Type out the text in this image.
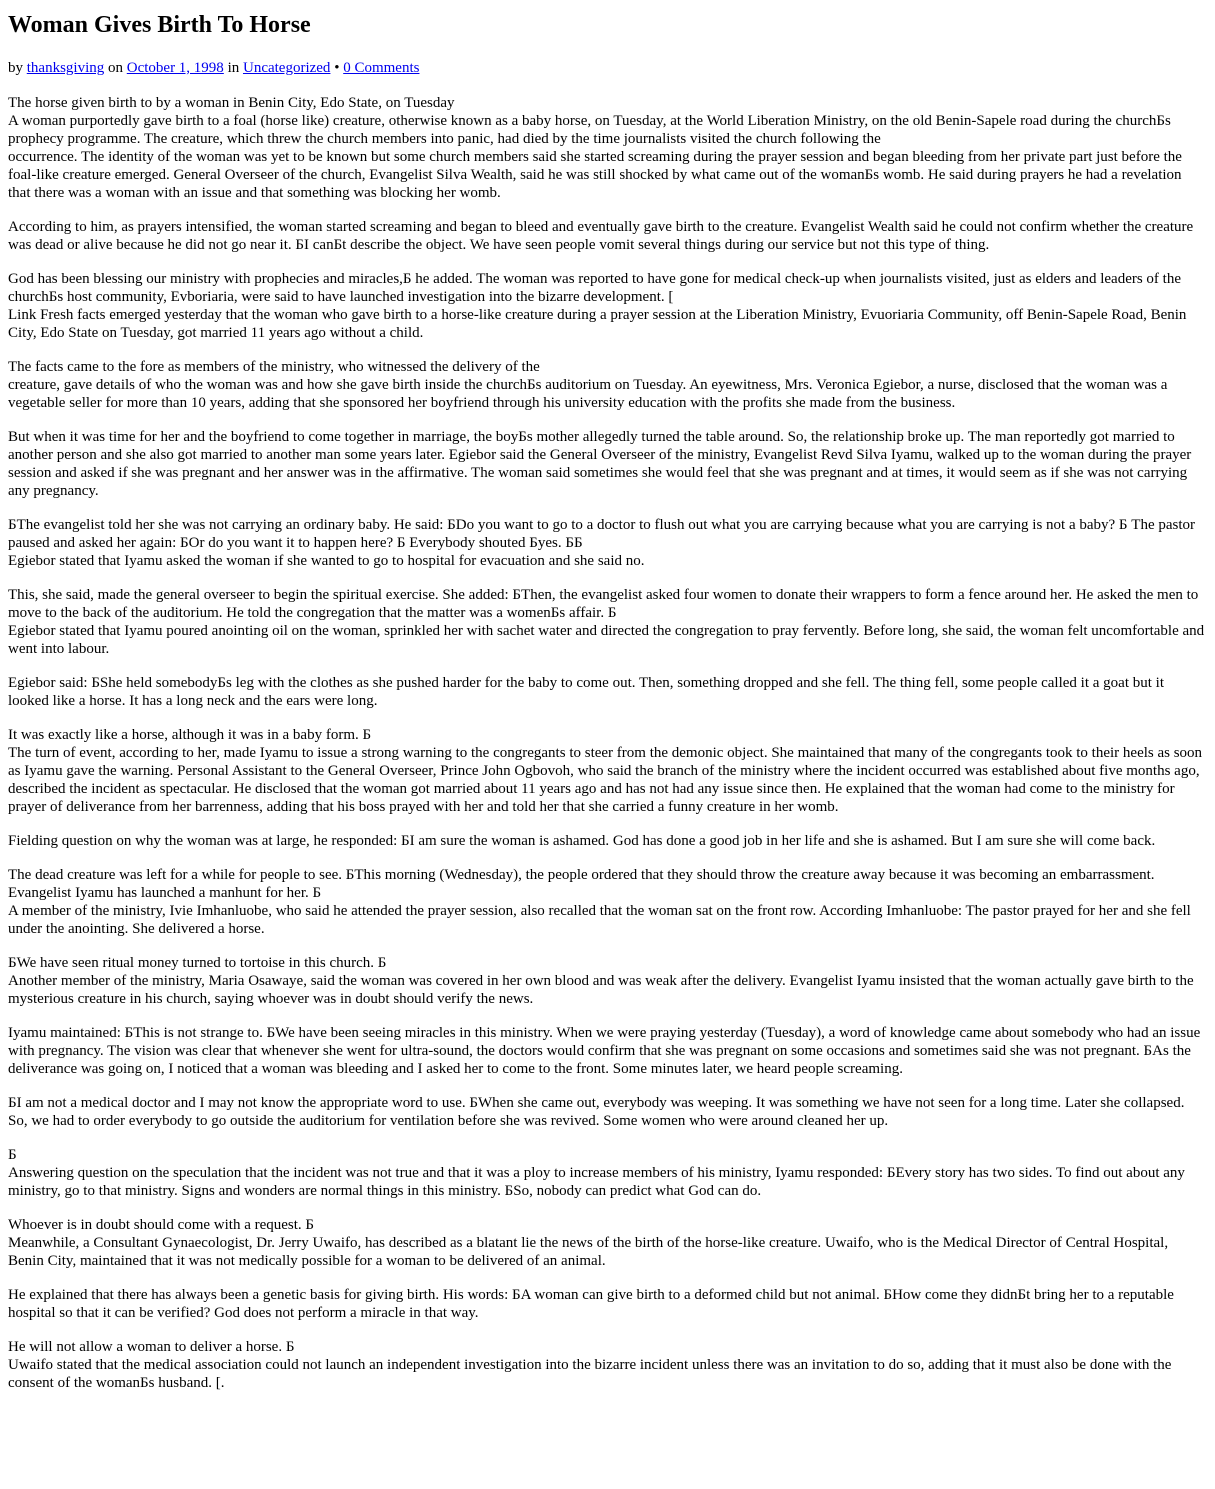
Woman Gives Birth To Horse
by thanksgiving on October 1, 1998 in Uncategorized • 0 Comments

The horse given birth to by a woman in Benin City, Edo State, on Tuesday
A woman purportedly gave birth to a foal (horse like) creature, otherwise known as a baby horse, on Tuesday, at the World Liberation Ministry, on the old Benin-Sapele road during the churchБs prophecy programme. The creature, which threw the church members into panic, had died by the time journalists visited the church following the
occurrence. The identity of the woman was yet to be known but some church members said she started screaming during the prayer session and began bleeding from her private part just before the foal-like creature emerged. General Overseer of the church, Evangelist Silva Wealth, said he was still shocked by what came out of the womanБs womb. He said during prayers he had a revelation that there was a woman with an issue and that something was blocking her womb.

According to him, as prayers intensified, the woman started screaming and began to bleed and eventually gave birth to the creature. Evangelist Wealth said he could not confirm whether the creature was dead or alive because he did not go near it. БI canБt describe the object. We have seen people vomit several things during our service but not this type of thing.

God has been blessing our ministry with prophecies and miracles,Б he added. The woman was reported to have gone for medical check-up when journalists visited, just as elders and leaders of the churchБs host community, Evboriaria, were said to have launched investigation into the bizarre development. [
Link Fresh facts emerged yesterday that the woman who gave birth to a horse-like creature during a prayer session at the Liberation Ministry, Evuoriaria Community, off Benin-Sapele Road, Benin City, Edo State on Tuesday, got married 11 years ago without a child.

The facts came to the fore as members of the ministry, who witnessed the delivery of the
creature, gave details of who the woman was and how she gave birth inside the churchБs auditorium on Tuesday. An eyewitness, Mrs. Veronica Egiebor, a nurse, disclosed that the woman was a vegetable seller for more than 10 years, adding that she sponsored her boyfriend through his university education with the profits she made from the business.

But when it was time for her and the boyfriend to come together in marriage, the boyБs mother allegedly turned the table around. So, the relationship broke up. The man reportedly got married to another person and she also got married to another man some years later. Egiebor said the General Overseer of the ministry, Evangelist Revd Silva Iyamu, walked up to the woman during the prayer session and asked if she was pregnant and her answer was in the affirmative. The woman said sometimes she would feel that she was pregnant and at times, it would seem as if she was not carrying any pregnancy.

БThe evangelist told her she was not carrying an ordinary baby. He said: БDo you want to go to a doctor to flush out what you are carrying because what you are carrying is not a baby? Б The pastor paused and asked her again: БOr do you want it to happen here? Б Everybody shouted Бyes. ББ
Egiebor stated that Iyamu asked the woman if she wanted to go to hospital for evacuation and she said no.

This, she said, made the general overseer to begin the spiritual exercise. She added: БThen, the evangelist asked four women to donate their wrappers to form a fence around her. He asked the men to move to the back of the auditorium. He told the congregation that the matter was a womenБs affair. Б
Egiebor stated that Iyamu poured anointing oil on the woman, sprinkled her with sachet water and directed the congregation to pray fervently. Before long, she said, the woman felt uncomfortable and went into labour.

Egiebor said: БShe held somebodyБs leg with the clothes as she pushed harder for the baby to come out. Then, something dropped and she fell. The thing fell, some people called it a goat but it looked like a horse. It has a long neck and the ears were long.

It was exactly like a horse, although it was in a baby form. Б
The turn of event, according to her, made Iyamu to issue a strong warning to the congregants to steer from the demonic object. She maintained that many of the congregants took to their heels as soon as Iyamu gave the warning. Personal Assistant to the General Overseer, Prince John Ogbovoh, who said the branch of the ministry where the incident occurred was established about five months ago, described the incident as spectacular. He disclosed that the woman got married about 11 years ago and has not had any issue since then. He explained that the woman had come to the ministry for prayer of deliverance from her barrenness, adding that his boss prayed with her and told her that she carried a funny creature in her womb.

Fielding question on why the woman was at large, he responded: БI am sure the woman is ashamed. God has done a good job in her life and she is ashamed. But I am sure she will come back.

The dead creature was left for a while for people to see. БThis morning (Wednesday), the people ordered that they should throw the creature away because it was becoming an embarrassment. Evangelist Iyamu has launched a manhunt for her. Б
A member of the ministry, Ivie Imhanluobe, who said he attended the prayer session, also recalled that the woman sat on the front row. According Imhanluobe: The pastor prayed for her and she fell under the anointing. She delivered a horse.

БWe have seen ritual money turned to tortoise in this church. Б
Another member of the ministry, Maria Osawaye, said the woman was covered in her own blood and was weak after the delivery. Evangelist Iyamu insisted that the woman actually gave birth to the mysterious creature in his church, saying whoever was in doubt should verify the news.

Iyamu maintained: БThis is not strange to. БWe have been seeing miracles in this ministry. When we were praying yesterday (Tuesday), a word of knowledge came about somebody who had an issue with pregnancy. The vision was clear that whenever she went for ultra-sound, the doctors would confirm that she was pregnant on some occasions and sometimes said she was not pregnant. БAs the deliverance was going on, I noticed that a woman was bleeding and I asked her to come to the front. Some minutes later, we heard people screaming.

БI am not a medical doctor and I may not know the appropriate word to use. БWhen she came out, everybody was weeping. It was something we have not seen for a long time. Later she collapsed. So, we had to order everybody to go outside the auditorium for ventilation before she was revived. Some women who were around cleaned her up.

Б
Answering question on the speculation that the incident was not true and that it was a ploy to increase members of his ministry, Iyamu responded: БEvery story has two sides. To find out about any ministry, go to that ministry. Signs and wonders are normal things in this ministry. БSo, nobody can predict what God can do.

Whoever is in doubt should come with a request. Б
Meanwhile, a Consultant Gynaecologist, Dr. Jerry Uwaifo, has described as a blatant lie the news of the birth of the horse-like creature. Uwaifo, who is the Medical Director of Central Hospital, Benin City, maintained that it was not medically possible for a woman to be delivered of an animal.

He explained that there has always been a genetic basis for giving birth. His words: БA woman can give birth to a deformed child but not animal. БHow come they didnБt bring her to a reputable hospital so that it can be verified? God does not perform a miracle in that way.

He will not allow a woman to deliver a horse. Б
Uwaifo stated that the medical association could not launch an independent investigation into the bizarre incident unless there was an invitation to do so, adding that it must also be done with the consent of the womanБs husband. [.
